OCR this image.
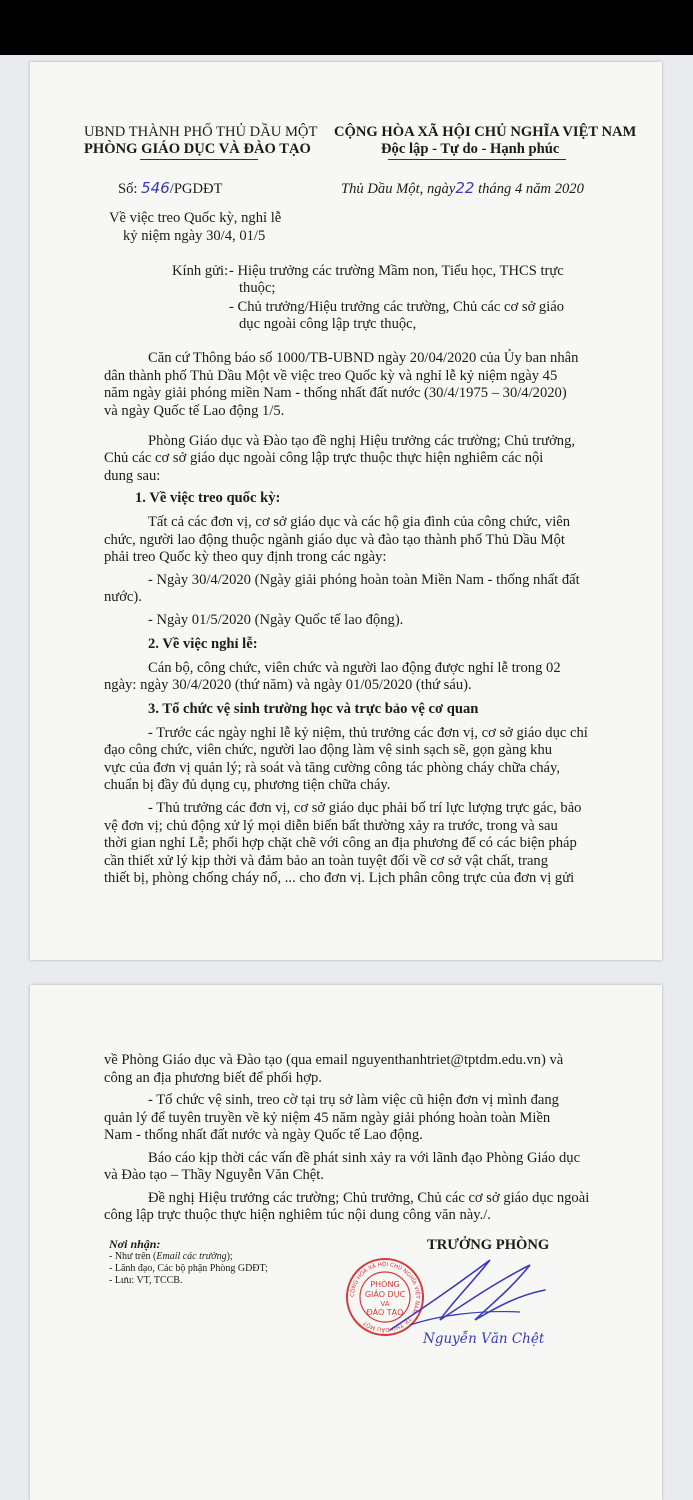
UBND THÀNH PHỐ THỦ DẦU MỘT
PHÒNG GIÁO DỤC VÀ ĐÀO TẠO
CỘNG HÒA XÃ HỘI CHỦ NGHĨA VIỆT NAM
Độc lập - Tự do - Hạnh phúc
Số: 546/PGDĐT	Thủ Dầu Một, ngày22 tháng 4 năm 2020
Về việc treo Quốc kỳ, nghỉ lễ
kỷ niệm ngày 30/4, 01/5
Kính gửi: - Hiệu trưởng các trường Mầm non, Tiểu học, THCS trực
thuộc;
- Chủ trưởng/Hiệu trưởng các trường, Chủ các cơ sở giáo
dục ngoài công lập trực thuộc,
Căn cứ Thông báo số 1000/TB-UBND ngày 20/04/2020 của Ủy ban nhân
dân thành phố Thủ Dầu Một về việc treo Quốc kỳ và nghỉ lễ kỷ niệm ngày 45
năm ngày giải phóng miền Nam - thống nhất đất nước (30/4/1975 – 30/4/2020)
và ngày Quốc tế Lao động 1/5.
Phòng Giáo dục và Đào tạo đề nghị Hiệu trưởng các trường; Chủ trưởng,
Chủ các cơ sở giáo dục ngoài công lập trực thuộc thực hiện nghiêm các nội
dung sau:
1. Về việc treo quốc kỳ:
Tất cả các đơn vị, cơ sở giáo dục và các hộ gia đình của công chức, viên
chức, người lao động thuộc ngành giáo dục và đào tạo thành phố Thủ Dầu Một
phải treo Quốc kỳ theo quy định trong các ngày:
- Ngày 30/4/2020 (Ngày giải phóng hoàn toàn Miền Nam - thống nhất đất
nước).
- Ngày 01/5/2020 (Ngày Quốc tế lao động).
2. Về việc nghỉ lễ:
Cán bộ, công chức, viên chức và người lao động được nghỉ lễ trong 02
ngày: ngày 30/4/2020 (thứ năm) và ngày 01/05/2020 (thứ sáu).
3. Tổ chức vệ sinh trường học và trực bảo vệ cơ quan
- Trước các ngày nghỉ lễ kỷ niệm, thủ trưởng các đơn vị, cơ sở giáo dục chỉ
đạo công chức, viên chức, người lao động làm vệ sinh sạch sẽ, gọn gàng khu
vực của đơn vị quản lý; rà soát và tăng cường công tác phòng cháy chữa cháy,
chuẩn bị đầy đủ dụng cụ, phương tiện chữa cháy.
- Thủ trưởng các đơn vị, cơ sở giáo dục phải bố trí lực lượng trực gác, bảo
vệ đơn vị; chủ động xử lý mọi diễn biến bất thường xảy ra trước, trong và sau
thời gian nghỉ Lễ; phối hợp chặt chẽ với công an địa phương để có các biện pháp
cần thiết xử lý kịp thời và đảm bảo an toàn tuyệt đối về cơ sở vật chất, trang
thiết bị, phòng chống cháy nổ, ... cho đơn vị. Lịch phân công trực của đơn vị gửi
về Phòng Giáo dục và Đào tạo (qua email nguyenthanhtriet@tptdm.edu.vn) và
công an địa phương biết để phối hợp.
- Tổ chức vệ sinh, treo cờ tại trụ sở làm việc cũ hiện đơn vị mình đang
quản lý để tuyên truyền về kỷ niệm 45 năm ngày giải phóng hoàn toàn Miền
Nam - thống nhất đất nước và ngày Quốc tế Lao động.
Báo cáo kịp thời các vấn đề phát sinh xảy ra với lãnh đạo Phòng Giáo dục
và Đào tạo – Thầy Nguyễn Văn Chệt.
Đề nghị Hiệu trưởng các trường; Chủ trưởng, Chủ các cơ sở giáo dục ngoài
công lập trực thuộc thực hiện nghiêm túc nội dung công văn này./.
Nơi nhận:
- Như trên (Email các trường);
- Lãnh đạo, Các bộ phận Phòng GDĐT;
- Lưu: VT, TCCB.
TRƯỞNG PHÒNG
CỘNG HÒA XÃ HỘI CHỦ NGHĨA VIỆT NAM · TP. THỦ DẦU MỘT
PHÒNG
GIÁO DỤC
VÀ
ĐÀO TẠO
Nguyễn Văn Chệt
